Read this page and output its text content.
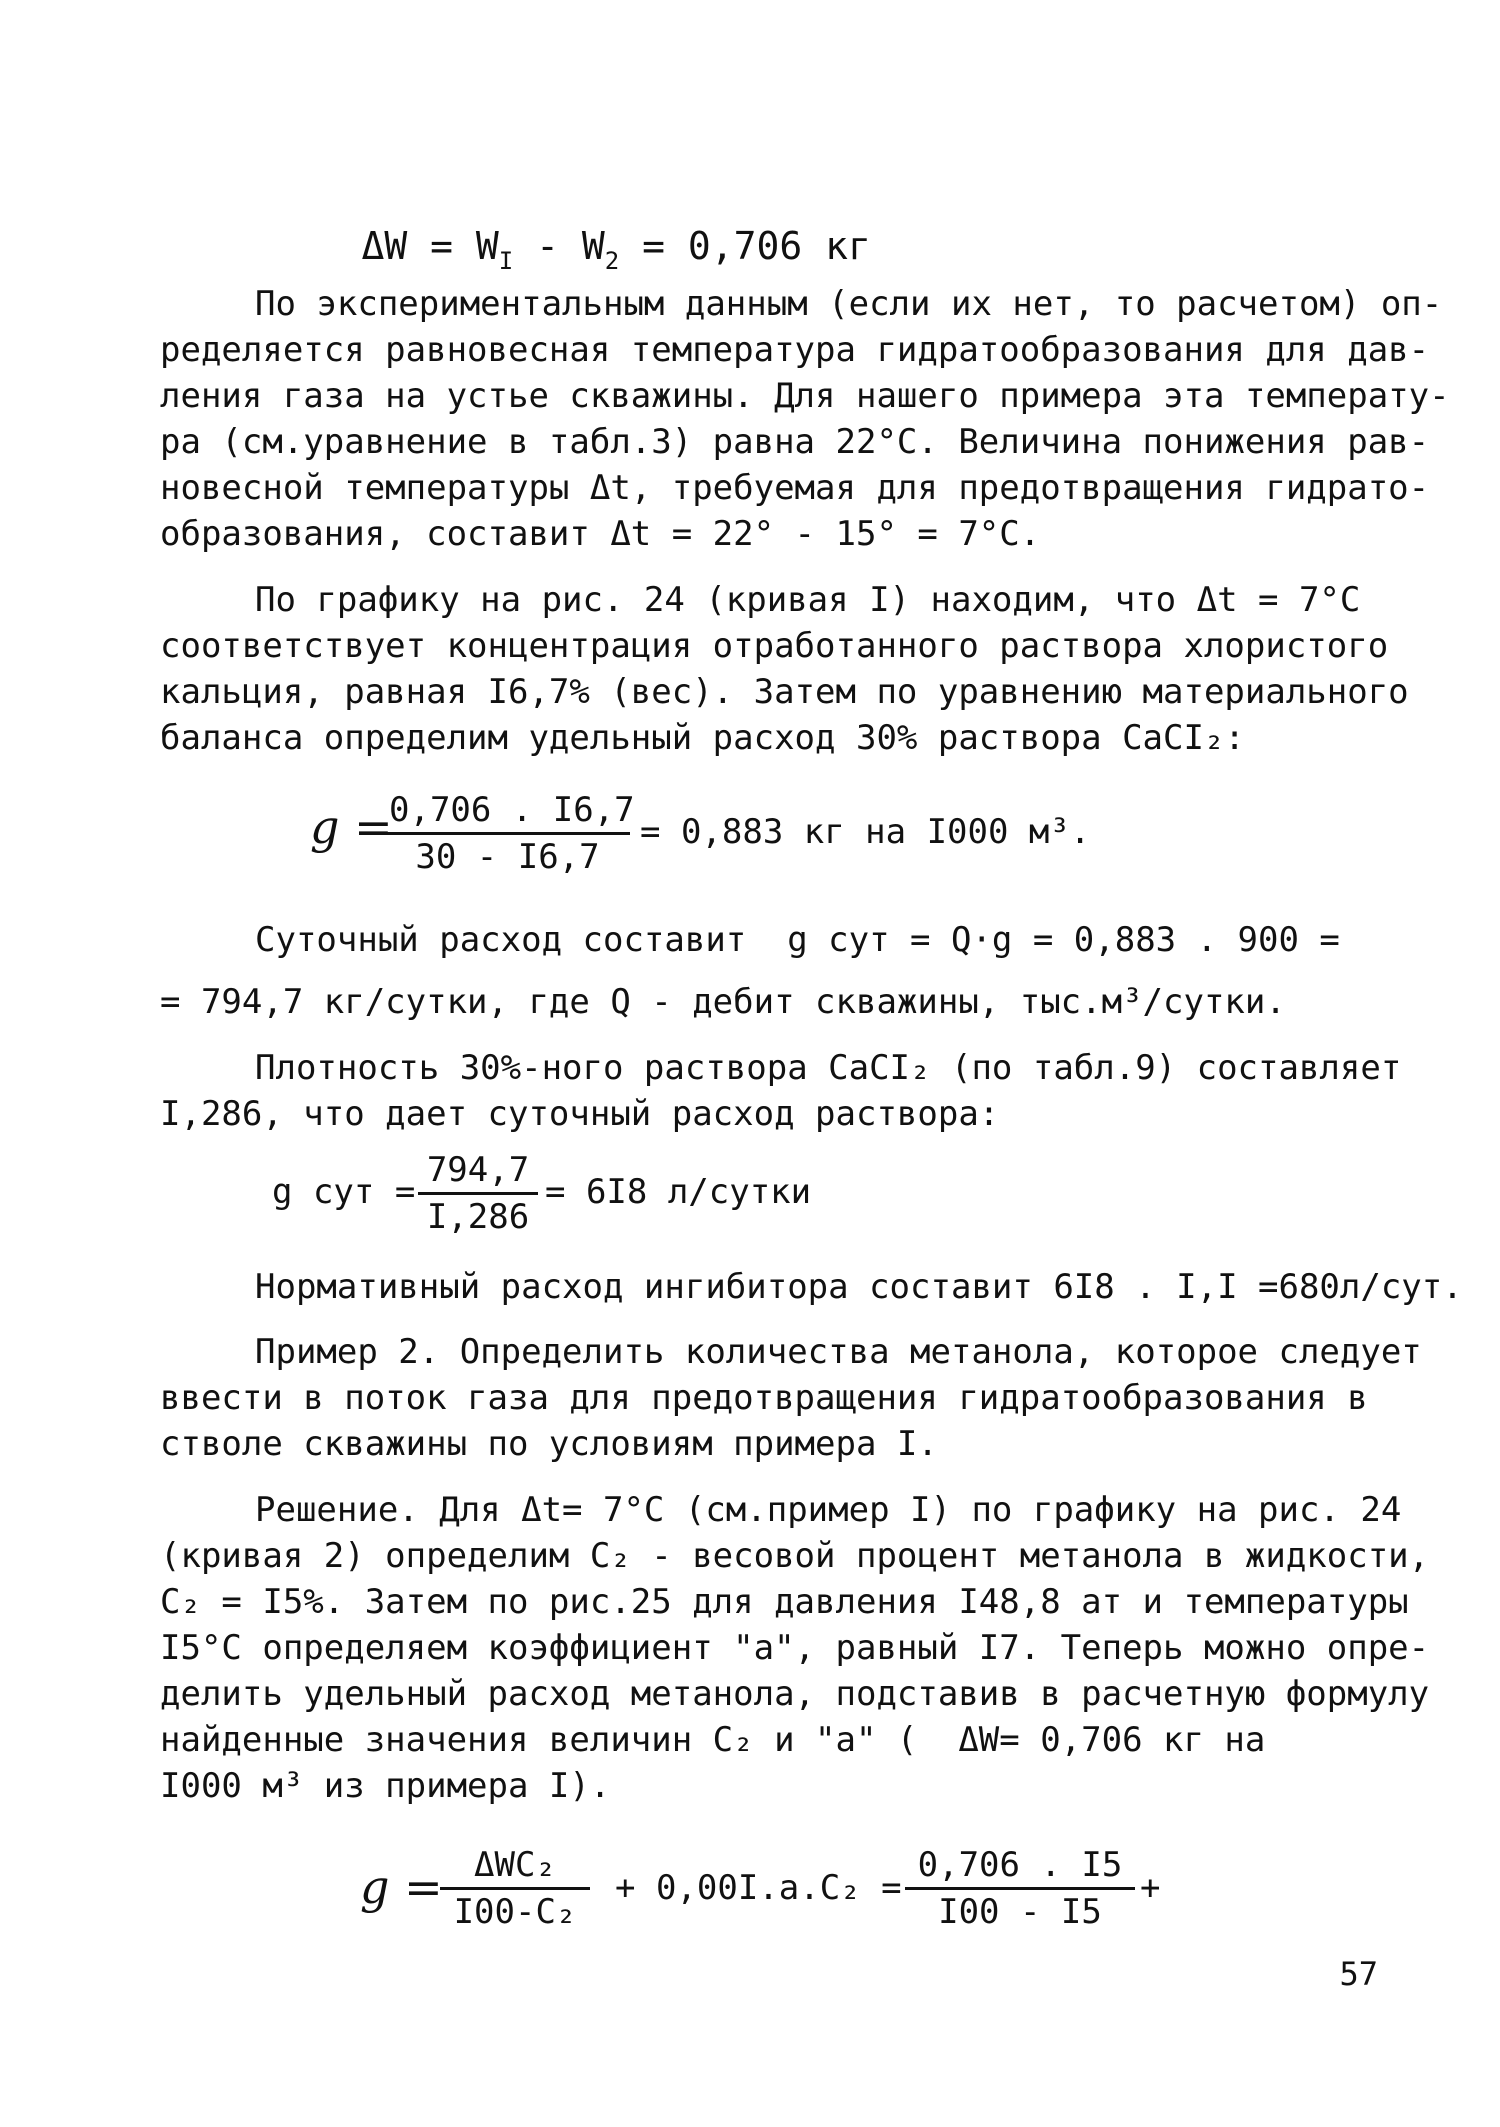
$\Delta W = W_I - W_2 = 0,706$ кг

По экспериментальным данным (если их нет, то расчетом) оп-
ределяется равновесная температура гидратообразования для дав-
ления газа на устье скважины. Для нашего примера эта температу-
ра (см.уравнение в табл.3) равна 22°С. Величина понижения рав-
новесной температуры Δt, требуемая для предотвращения гидрато-
образования, составит Δt = 22° - 15° = 7°С.
По графику на рис. 24 (кривая I) находим, что Δt = 7°С
соответствует концентрация отработанного раствора хлористого
кальция, равная I6,7% (вес). Затем по уравнению материального
баланса определим удельный расход 30% раствора CaCI₂:
g =
$\frac{0,706 . I6,7}{30 - I6,7} = 0,883$ кг на I000 м³.
Суточный расход составит  g сут = Q·g = 0,883 . 900 =
= 794,7 кг/сутки, где Q - дебит скважины, тыс.м³/сутки.
Плотность 30%-ного раствора CaCI₂ (по табл.9) составляет
I,286, что дает суточный расход раствора:
g сут = $\frac{794,7}{I,286} = 6I8$ л/сутки
Нормативный расход ингибитора составит 6I8 . I,I =680л/сут.
Пример 2. Определить количества метанола, которое следует
ввести в поток газа для предотвращения гидратообразования в
стволе скважины по условиям примера I.
Решение. Для Δt= 7°С (см.пример I) по графику на рис. 24
(кривая 2) определим C₂ - весовой процент метанола в жидкости,
C₂ = I5%. Затем по рис.25 для давления I48,8 ат и температуры
I5°С определяем коэффициент "а", равный I7. Теперь можно опре-
делить удельный расход метанола, подставив в расчетную формулу
найденные значения величин C₂ и "а" (  ΔW= 0,706 кг на
I000 м³ из примера I).
g = ΔWC₂
I00-C₂
+ $0,00I.a.C_2 = \frac{0,706 . I5}{I00 - I5}$ +
57
